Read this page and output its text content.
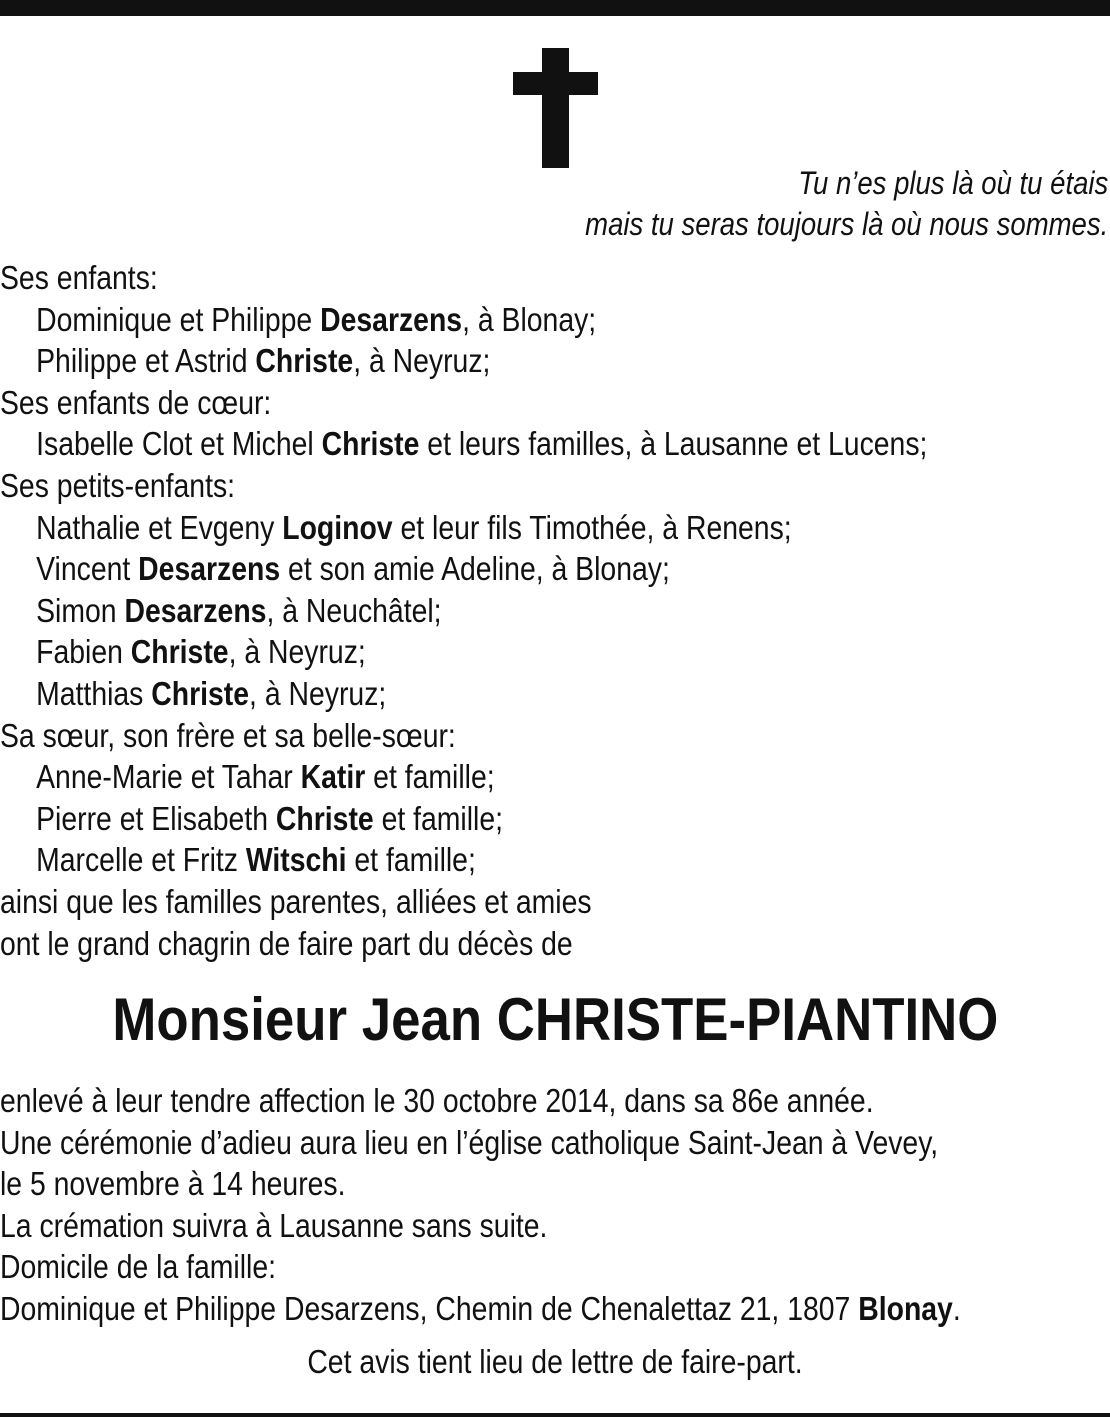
Tu n’es plus là où tu étais
mais tu seras toujours là où nous sommes.
Ses enfants:
Dominique et Philippe Desarzens, à Blonay;
Philippe et Astrid Christe, à Neyruz;
Ses enfants de cœur:
Isabelle Clot et Michel Christe et leurs familles, à Lausanne et Lucens;
Ses petits-enfants:
Nathalie et Evgeny Loginov et leur fils Timothée, à Renens;
Vincent Desarzens et son amie Adeline, à Blonay;
Simon Desarzens, à Neuchâtel;
Fabien Christe, à Neyruz;
Matthias Christe, à Neyruz;
Sa sœur, son frère et sa belle-sœur:
Anne-Marie et Tahar Katir et famille;
Pierre et Elisabeth Christe et famille;
Marcelle et Fritz Witschi et famille;
ainsi que les familles parentes, alliées et amies
ont le grand chagrin de faire part du décès de
Monsieur Jean CHRISTE-PIANTINO
enlevé à leur tendre affection le 30 octobre 2014, dans sa 86e année.
Une cérémonie d’adieu aura lieu en l’église catholique Saint-Jean à Vevey,
le 5 novembre à 14 heures.
La crémation suivra à Lausanne sans suite.
Domicile de la famille:
Dominique et Philippe Desarzens, Chemin de Chenalettaz 21, 1807 Blonay.
Cet avis tient lieu de lettre de faire-part.
